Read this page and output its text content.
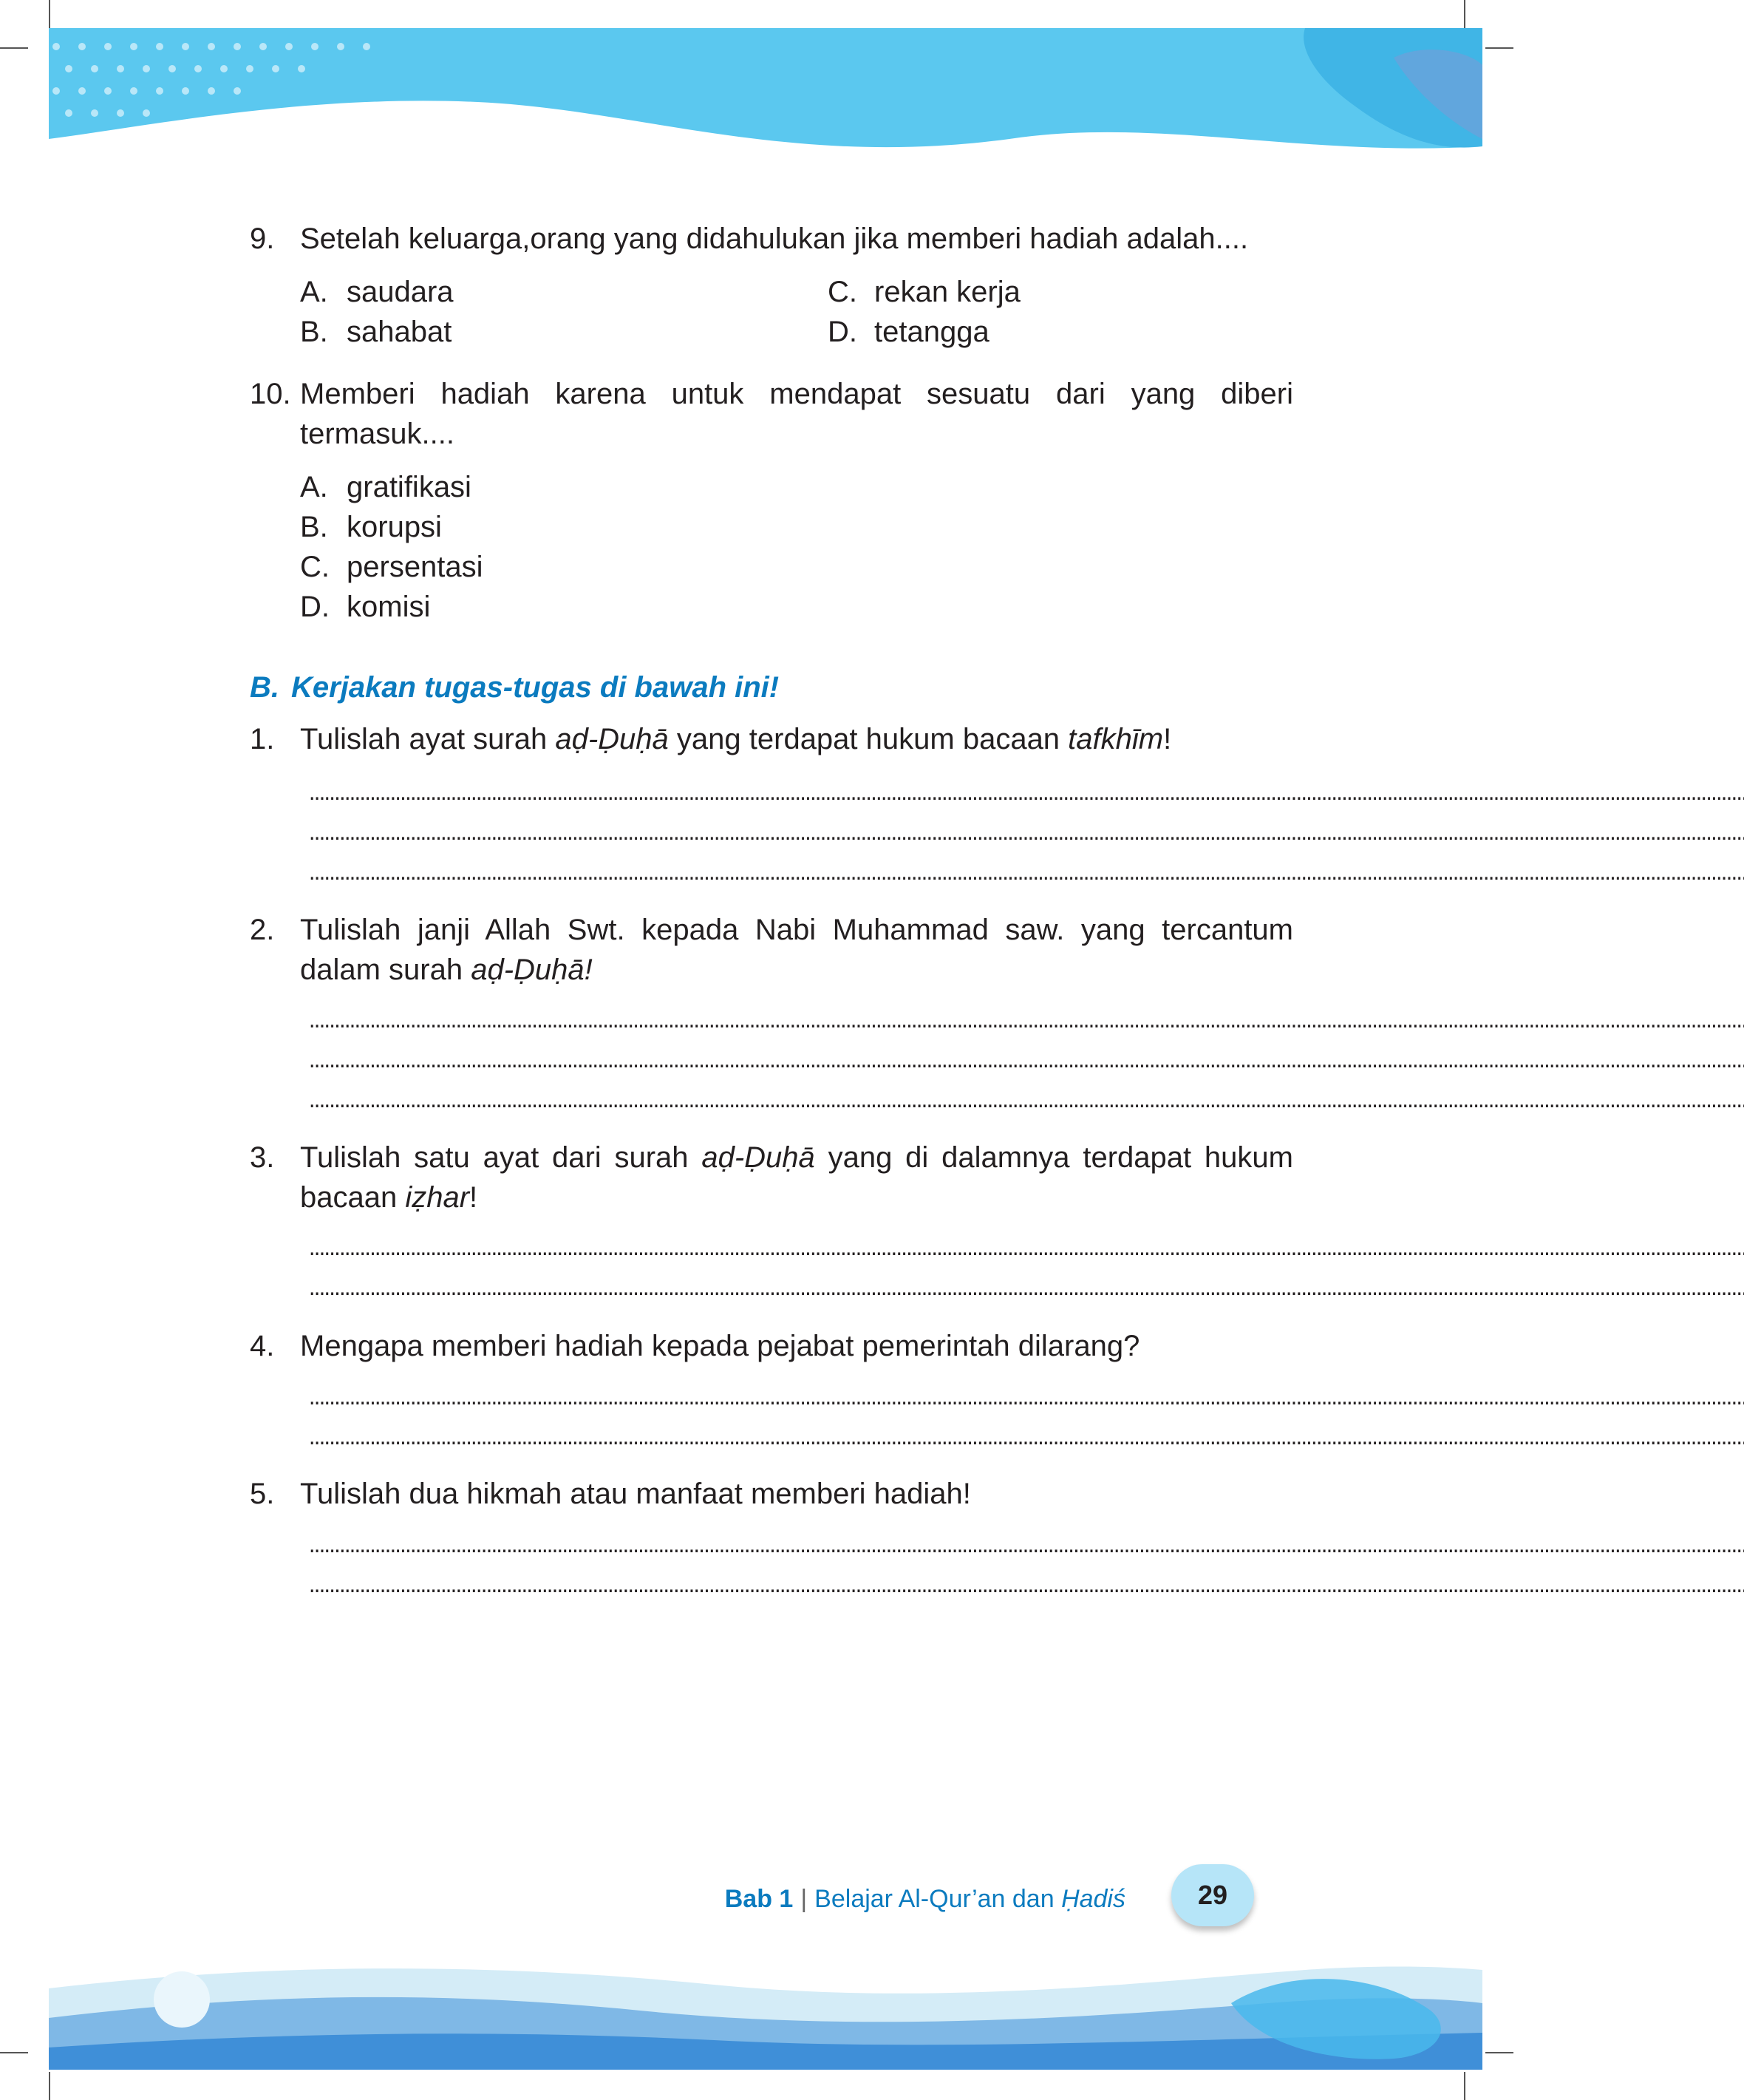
9. Setelah keluarga,orang yang didahulukan jika memberi hadiah adalah....
A. saudara
B. sahabat
C. rekan kerja
D. tetangga
10. Memberi hadiah karena untuk mendapat sesuatu dari yang diberi termasuk....
A. gratifikasi
B. korupsi
C. persentasi
D. komisi
B. Kerjakan tugas-tugas di bawah ini!
1. Tulislah ayat surah aḍ-Ḍuḥā yang terdapat hukum bacaan tafkhīm!
............................................................................................................................................................................................................................................................................................
............................................................................................................................................................................................................................................................................................
............................................................................................................................................................................................................................................................................................
2. Tulislah janji Allah Swt. kepada Nabi Muhammad saw. yang tercantum dalam surah aḍ-Ḍuḥā!
............................................................................................................................................................................................................................................................................................
............................................................................................................................................................................................................................................................................................
............................................................................................................................................................................................................................................................................................
3. Tulislah satu ayat dari surah aḍ-Ḍuḥā yang di dalamnya terdapat hukum bacaan iẓhar!
............................................................................................................................................................................................................................................................................................
............................................................................................................................................................................................................................................................................................
4. Mengapa memberi hadiah kepada pejabat pemerintah dilarang?
............................................................................................................................................................................................................................................................................................
............................................................................................................................................................................................................................................................................................
5. Tulislah dua hikmah atau manfaat memberi hadiah!
............................................................................................................................................................................................................................................................................................
............................................................................................................................................................................................................................................................................................
Bab 1 | Belajar Al-Qur’an dan Ḥadiś	29
